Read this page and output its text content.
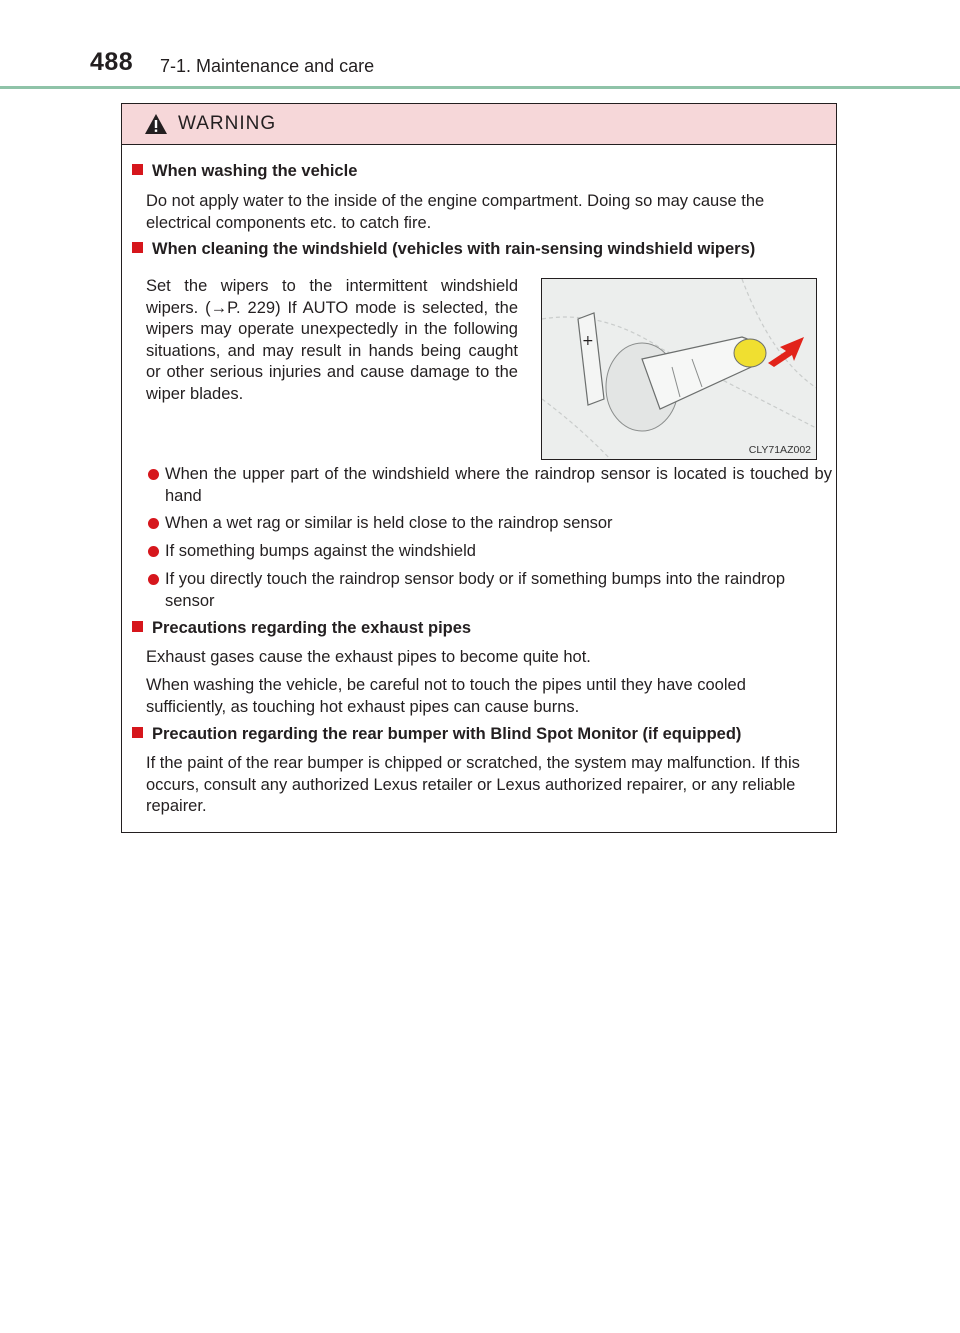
488 7-1. Maintenance and care
WARNING
When washing the vehicle
Do not apply water to the inside of the engine compartment. Doing so may cause the electrical components etc. to catch fire.
When cleaning the windshield (vehicles with rain-sensing windshield wipers)
Set the wipers to the intermittent windshield wipers. (→P. 229) If AUTO mode is selected, the wipers may operate unexpectedly in the following situations, and may result in hands being caught or other serious injuries and cause damage to the wiper blades.
+
CLY71AZ002
When the upper part of the windshield where the raindrop sensor is located is touched by hand
When a wet rag or similar is held close to the raindrop sensor
If something bumps against the windshield
If you directly touch the raindrop sensor body or if something bumps into the raindrop sensor
Precautions regarding the exhaust pipes
Exhaust gases cause the exhaust pipes to become quite hot.
When washing the vehicle, be careful not to touch the pipes until they have cooled sufficiently, as touching hot exhaust pipes can cause burns.
Precaution regarding the rear bumper with Blind Spot Monitor (if equipped)
If the paint of the rear bumper is chipped or scratched, the system may malfunction. If this occurs, consult any authorized Lexus retailer or Lexus authorized repairer, or any reliable repairer.
